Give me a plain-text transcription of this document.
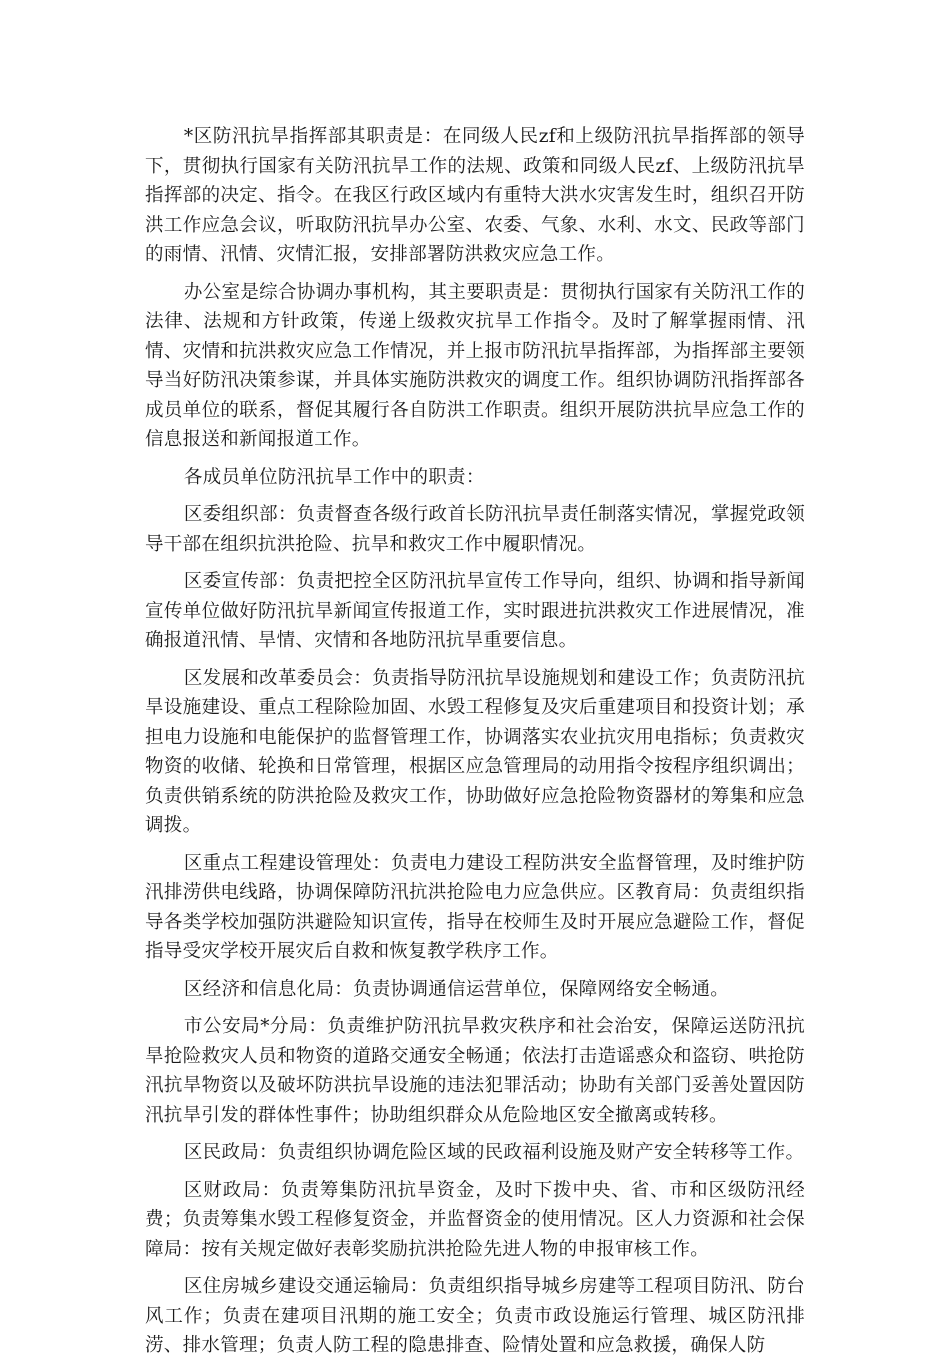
*区防汛抗旱指挥部其职责是：在同级人民zf和上级防汛抗旱指挥部的领导下，贯彻执行国家有关防汛抗旱工作的法规、政策和同级人民zf、上级防汛抗旱指挥部的决定、指令。在我区行政区域内有重特大洪水灾害发生时，组织召开防洪工作应急会议，听取防汛抗旱办公室、农委、气象、水利、水文、民政等部门的雨情、汛情、灾情汇报，安排部署防洪救灾应急工作。

办公室是综合协调办事机构，其主要职责是：贯彻执行国家有关防汛工作的法律、法规和方针政策，传递上级救灾抗旱工作指令。及时了解掌握雨情、汛情、灾情和抗洪救灾应急工作情况，并上报市防汛抗旱指挥部，为指挥部主要领导当好防汛决策参谋，并具体实施防洪救灾的调度工作。组织协调防汛指挥部各成员单位的联系，督促其履行各自防洪工作职责。组织开展防洪抗旱应急工作的信息报送和新闻报道工作。

各成员单位防汛抗旱工作中的职责：

区委组织部：负责督查各级行政首长防汛抗旱责任制落实情况，掌握党政领导干部在组织抗洪抢险、抗旱和救灾工作中履职情况。

区委宣传部：负责把控全区防汛抗旱宣传工作导向，组织、协调和指导新闻宣传单位做好防汛抗旱新闻宣传报道工作，实时跟进抗洪救灾工作进展情况，准确报道汛情、旱情、灾情和各地防汛抗旱重要信息。

区发展和改革委员会：负责指导防汛抗旱设施规划和建设工作；负责防汛抗旱设施建设、重点工程除险加固、水毁工程修复及灾后重建项目和投资计划；承担电力设施和电能保护的监督管理工作，协调落实农业抗灾用电指标；负责救灾物资的收储、轮换和日常管理，根据区应急管理局的动用指令按程序组织调出；负责供销系统的防洪抢险及救灾工作，协助做好应急抢险物资器材的筹集和应急调拨。

区重点工程建设管理处：负责电力建设工程防洪安全监督管理，及时维护防汛排涝供电线路，协调保障防汛抗洪抢险电力应急供应。区教育局：负责组织指导各类学校加强防洪避险知识宣传，指导在校师生及时开展应急避险工作，督促指导受灾学校开展灾后自救和恢复教学秩序工作。

区经济和信息化局：负责协调通信运营单位，保障网络安全畅通。

市公安局*分局：负责维护防汛抗旱救灾秩序和社会治安，保障运送防汛抗旱抢险救灾人员和物资的道路交通安全畅通；依法打击造谣惑众和盗窃、哄抢防汛抗旱物资以及破坏防洪抗旱设施的违法犯罪活动；协助有关部门妥善处置因防汛抗旱引发的群体性事件；协助组织群众从危险地区安全撤离或转移。

区民政局：负责组织协调危险区域的民政福利设施及财产安全转移等工作。

区财政局：负责筹集防汛抗旱资金，及时下拨中央、省、市和区级防汛经费；负责筹集水毁工程修复资金，并监督资金的使用情况。区人力资源和社会保障局：按有关规定做好表彰奖励抗洪抢险先进人物的申报审核工作。

区住房城乡建设交通运输局：负责组织指导城乡房建等工程项目防汛、防台风工作；负责在建项目汛期的施工安全；负责市政设施运行管理、城区防汛排涝、排水管理；负责人防工程的隐患排查、险情处置和应急救援，确保人防
